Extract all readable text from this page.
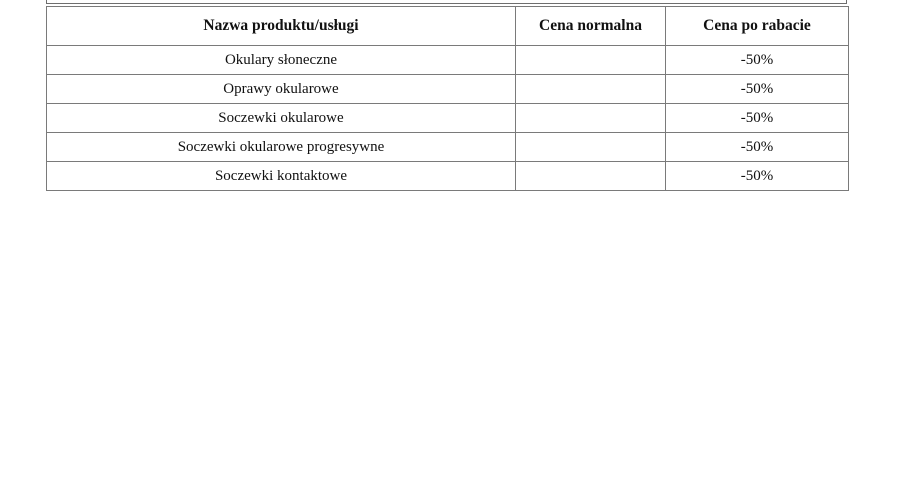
Nazwa produktu/usługi	Cena normalna	Cena po rabacie
Okulary słoneczne		-50%
Oprawy okularowe		-50%
Soczewki okularowe		-50%
Soczewki okularowe progresywne		-50%
Soczewki kontaktowe		-50%
